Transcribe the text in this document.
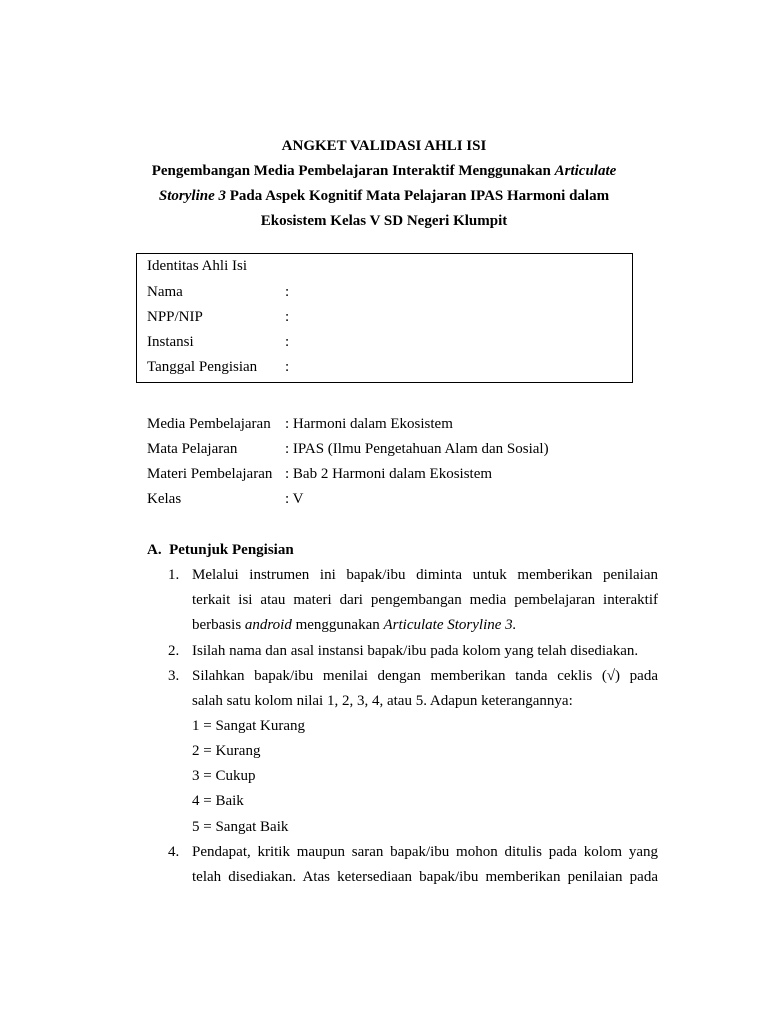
ANGKET VALIDASI AHLI ISI
Pengembangan Media Pembelajaran Interaktif Menggunakan Articulate
Storyline 3 Pada Aspek Kognitif Mata Pelajaran IPAS Harmoni dalam
Ekosistem Kelas V SD Negeri Klumpit
Identitas Ahli Isi
Nama	:
NPP/NIP	:
Instansi	:
Tanggal Pengisian :
Media Pembelajaran : Harmoni dalam Ekosistem
Mata Pelajaran	: IPAS (Ilmu Pengetahuan Alam dan Sosial)
Materi Pembelajaran : Bab 2 Harmoni dalam Ekosistem
Kelas	: V
A.  Petunjuk Pengisian
1. Melalui instrumen ini bapak/ibu diminta untuk memberikan penilaian
terkait isi atau materi dari pengembangan media pembelajaran interaktif
berbasis android menggunakan Articulate Storyline 3.
2. Isilah nama dan asal instansi bapak/ibu pada kolom yang telah disediakan.
3. Silahkan bapak/ibu menilai dengan memberikan tanda ceklis (√) pada
salah satu kolom nilai 1, 2, 3, 4, atau 5. Adapun keterangannya:
1 = Sangat Kurang
2 = Kurang
3 = Cukup
4 = Baik
5 = Sangat Baik
4. Pendapat, kritik maupun saran bapak/ibu mohon ditulis pada kolom yang
telah disediakan. Atas ketersediaan bapak/ibu memberikan penilaian pada
